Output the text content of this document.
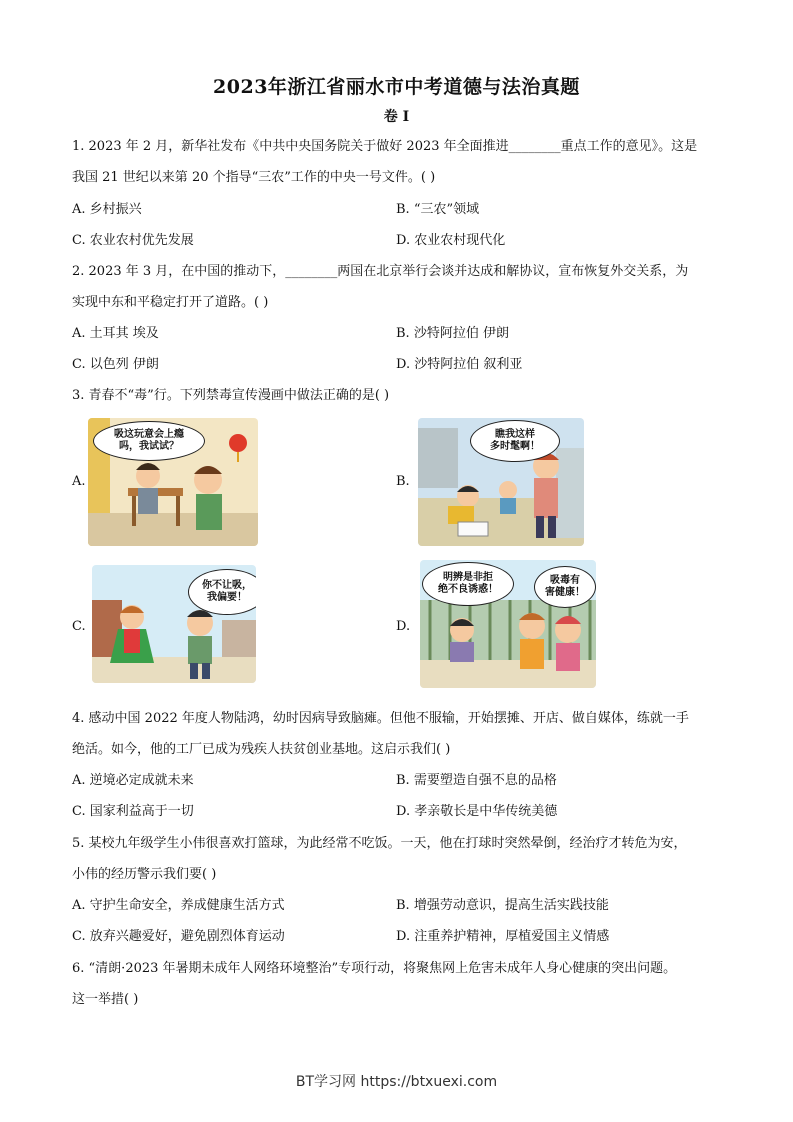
2023年浙江省丽水市中考道德与法治真题
卷 I
1. 2023 年 2 月，新华社发布《中共中央国务院关于做好 2023 年全面推进________重点工作的意见》。这是
我国 21 世纪以来第 20 个指导“三农”工作的中央一号文件。( )
A. 乡村振兴	B. “三农”领域
C. 农业农村优先发展	D. 农业农村现代化
2. 2023 年 3 月，在中国的推动下，________两国在北京举行会谈并达成和解协议，宣布恢复外交关系，为
实现中东和平稳定打开了道路。( )
A. 土耳其 埃及	B. 沙特阿拉伯 伊朗
C. 以色列 伊朗	D. 沙特阿拉伯 叙利亚
3. 青春不“毒”行。下列禁毒宣传漫画中做法正确的是( )
A.
吸这玩意会上瘾
吗，我试试？
B.
瞧我这样
多时髦啊！
C.
你不让吸，
我偏要！
D.
明辨是非拒
绝不良诱惑！
吸毒有
害健康！
4. 感动中国 2022 年度人物陆鸿，幼时因病导致脑瘫。但他不服输，开始摆摊、开店、做自媒体，练就一手
绝活。如今，他的工厂已成为残疾人扶贫创业基地。这启示我们( )
A. 逆境必定成就未来	B. 需要塑造自强不息的品格
C. 国家利益高于一切	D. 孝亲敬长是中华传统美德
5. 某校九年级学生小伟很喜欢打篮球，为此经常不吃饭。一天，他在打球时突然晕倒，经治疗才转危为安，
小伟的经历警示我们要( )
A. 守护生命安全，养成健康生活方式	B. 增强劳动意识，提高生活实践技能
C. 放弃兴趣爱好，避免剧烈体育运动	D. 注重养护精神，厚植爱国主义情感
6. “清朗·2023 年暑期未成年人网络环境整治”专项行动，将聚焦网上危害未成年人身心健康的突出问题。
这一举措( )
BT学习网 https://btxuexi.com
